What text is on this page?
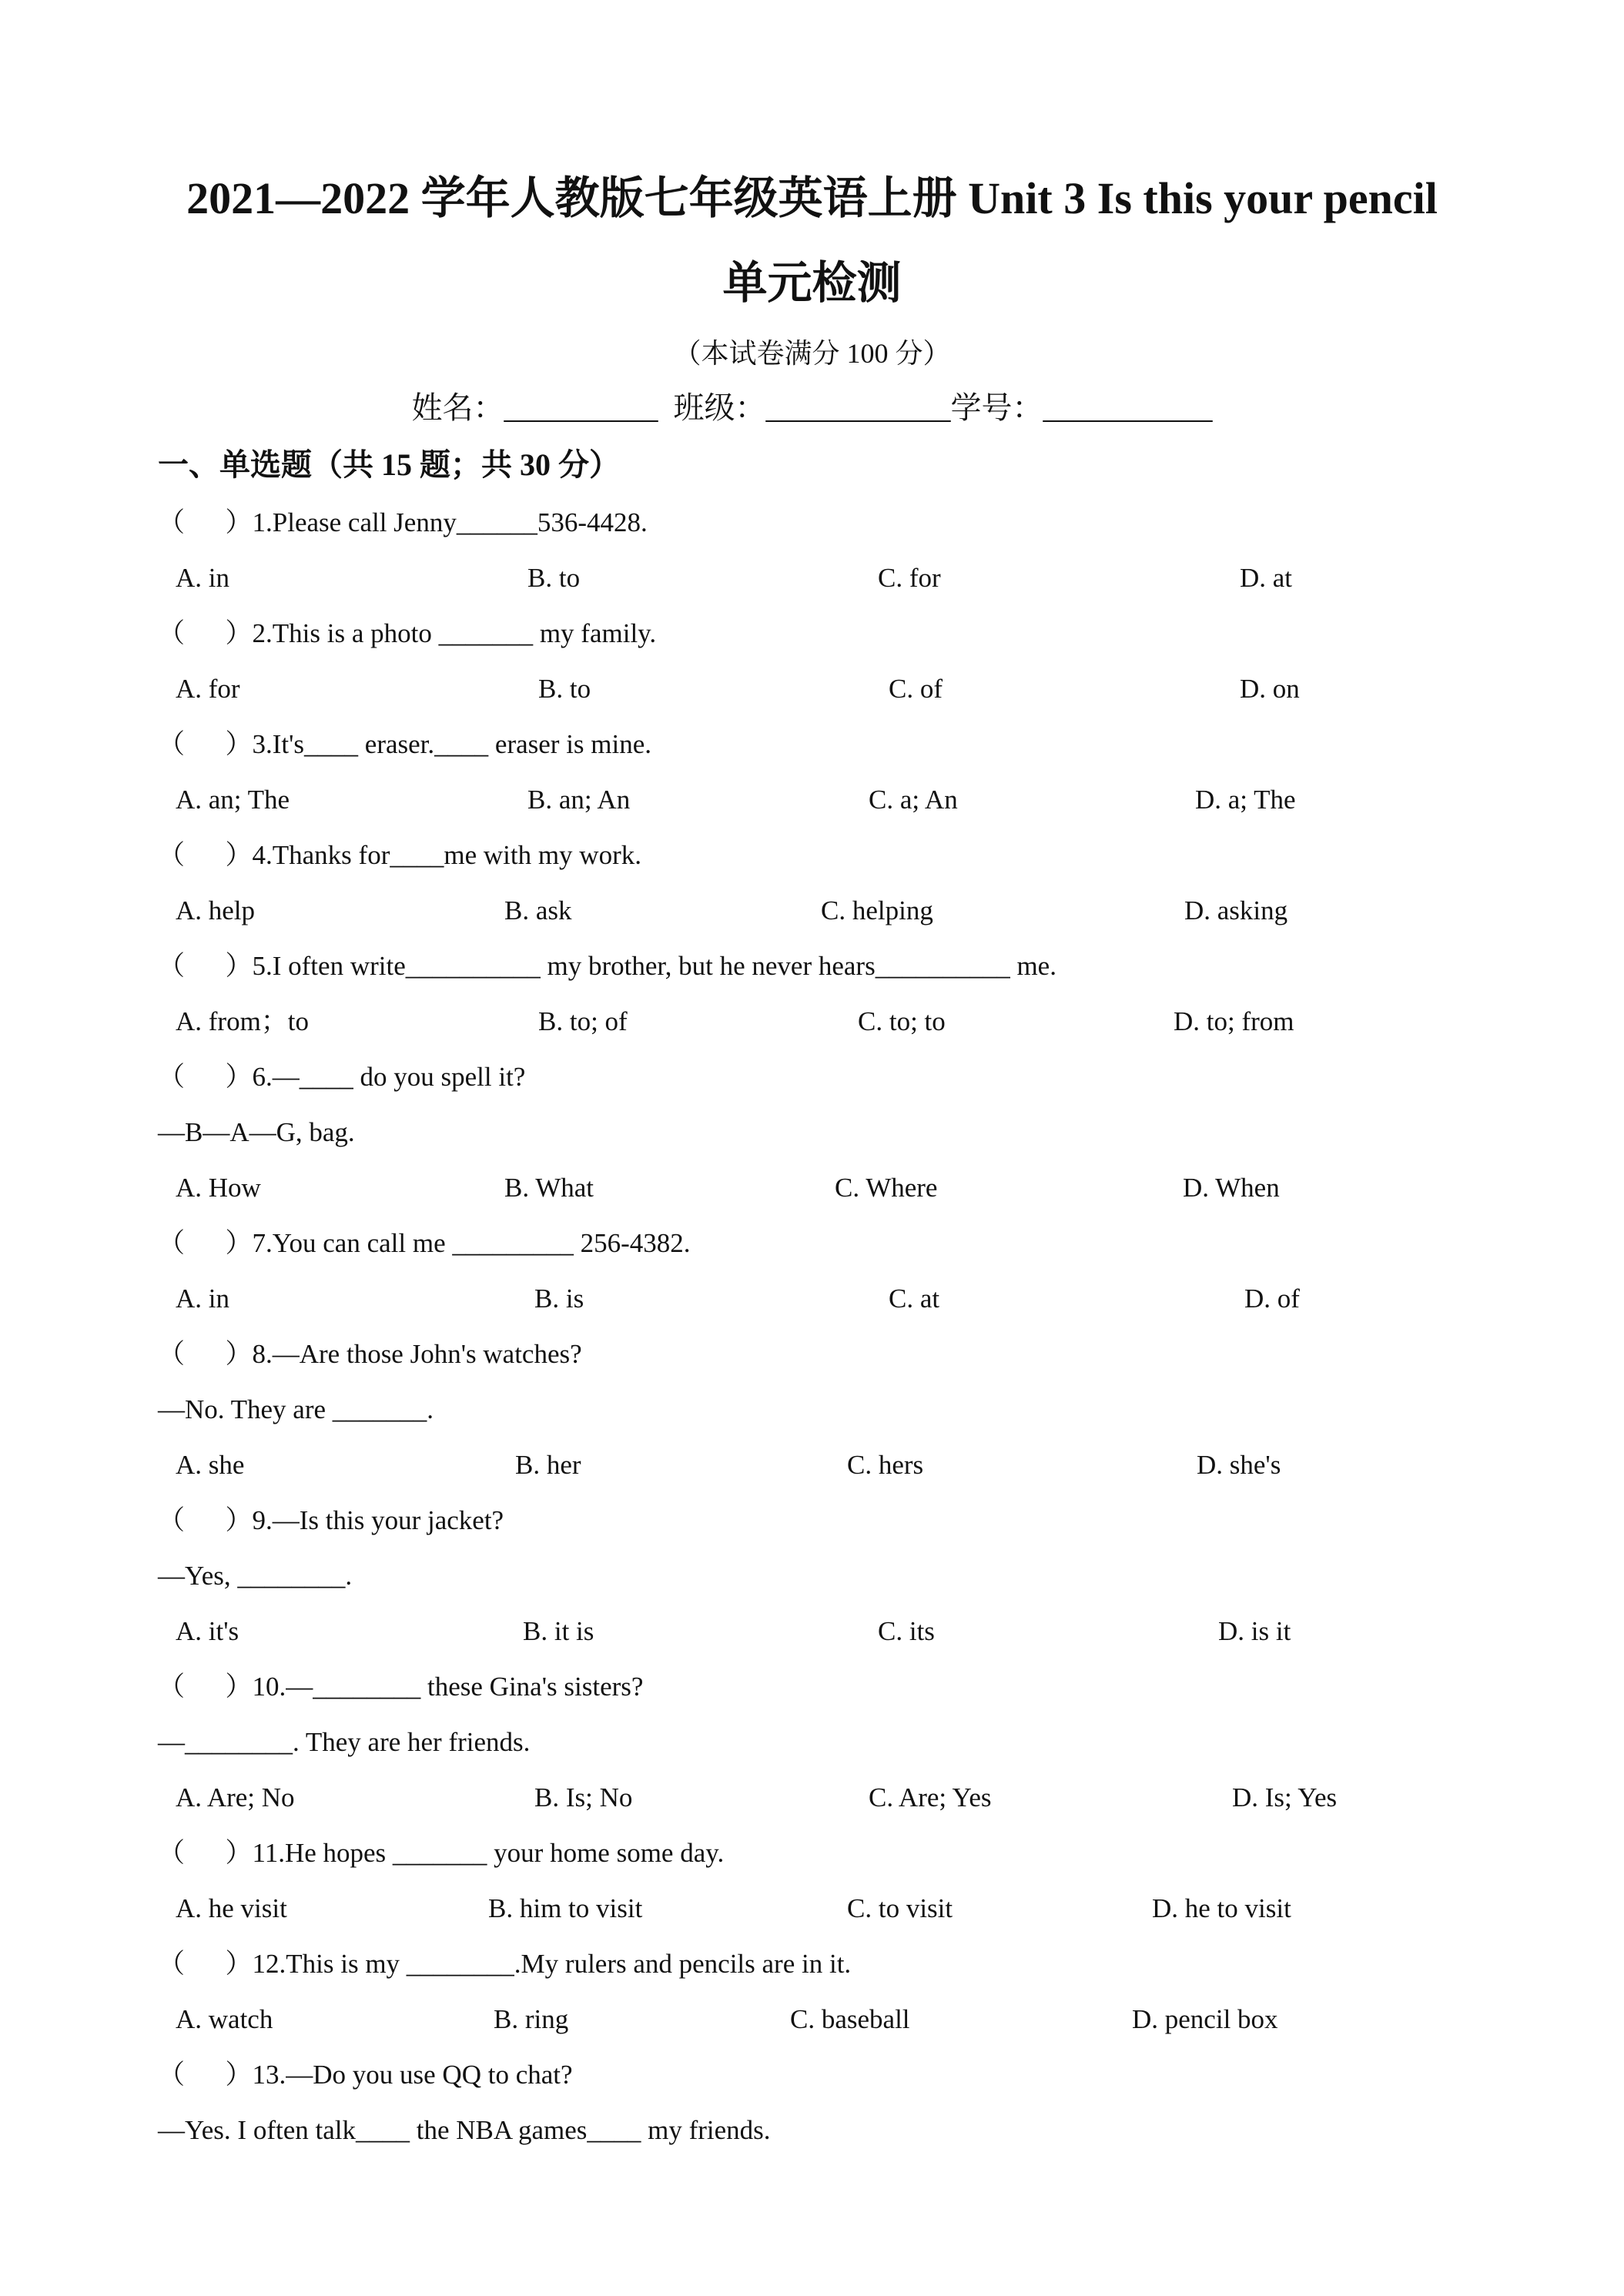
2021—2022 学年人教版七年级英语上册 Unit 3 Is this your pencil
单元检测
（本试卷满分 100 分）
姓名：__________  班级：____________学号：___________
一、单选题（共 15 题；共 30 分）
（      ）1.Please call Jenny______536-4428.
A. in	B. to	C. for	D. at
（      ）2.This is a photo _______ my family.
A. for	B. to	C. of	D. on
（      ）3.It's____ eraser.____ eraser is mine.
A. an; The	B. an; An	C. a; An	D. a; The
（      ）4.Thanks for____me with my work.
A. help	B. ask	C. helping	D. asking
（      ）5.I often write__________ my brother, but he never hears__________ me.
A. from；to	B. to; of	C. to; to	D. to; from
（      ）6.—____ do you spell it?
—B—A—G, bag.
A. How	B. What	C. Where	D. When
（      ）7.You can call me _________ 256-4382.
A. in	B. is	C. at	D. of
（      ）8.—Are those John's watches?
—No. They are _______.
A. she	B. her	C. hers	D. she's
（      ）9.—Is this your jacket?
—Yes, ________.
A. it's	B. it is	C. its	D. is it
（      ）10.—________ these Gina's sisters?
—________. They are her friends.
A. Are; No	B. Is; No	C. Are; Yes	D. Is; Yes
（      ）11.He hopes _______ your home some day.
A. he visit	B. him to visit	C. to visit	D. he to visit
（      ）12.This is my ________.My rulers and pencils are in it.
A. watch	B. ring	C. baseball	D. pencil box
（      ）13.—Do you use QQ to chat?
—Yes. I often talk____ the NBA games____ my friends.
